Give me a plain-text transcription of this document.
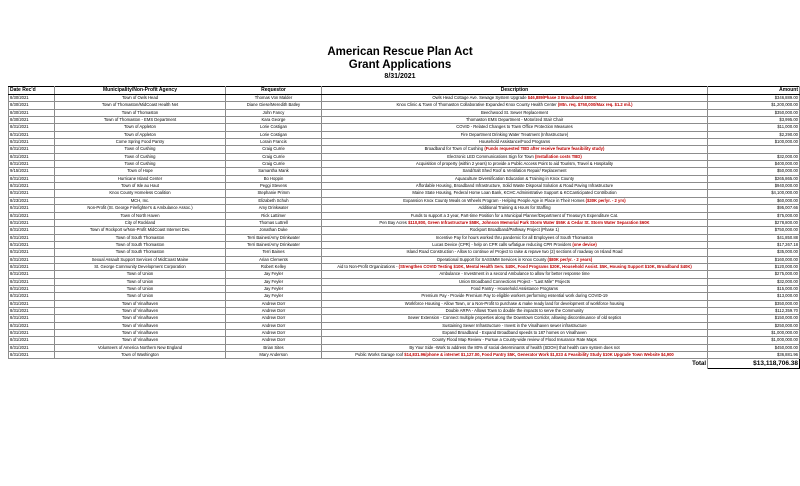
American Rescue Plan Act
Grant Applications
8/31/2021
Date Rec'd	Municipality/Non-Profit Agency	Requestor	Description	Amount
8/30/2021	Town of Owls Head	Thomas Von Malder	Owls Head Cottage Ave. Sewage System Upgrade $46,889/Phase 3 Broadband $800K	$346,889.00
8/30/2021	Town of Thomaston/MidCoast Health Net	Diane Giese/Meredith Batley	Knox Clinic & Town of Thomaston Collaborative Expanded Knox County Health Center (Mtn. req. $750,000/Max req. $1.2 mil.)	$1,200,000.00
8/30/2021	Town of Thomaston	John Fancy	Beechwood St. Sewer Replacement	$350,000.00
8/30/2021	Town of Thomaston - EMS Department	Kara George	Thomaston EMS Department - Motorized Stair Chair	$3,995.00
8/31/2021	Town of Appleton	Lorie Costigan	COVID - Related Changes to Town Office Protection Measures	$11,000.00
8/31/2021	Town of Appleton	Lorie Costigan	Fire Department Drinking Water Treatment (Infrastructure)	$2,290.00
8/31/2021	Come Spring Food Pantry	Lorain Francis	Household Assistance/Food Programs	$100,000.00
8/31/2021	Town of Cushing	Craig Currie	Broadband for Town of Cushing (Funds requested TBD after receive feature feasibility study)	
8/31/2021	Town of Cushing	Craig Currie	Electronic LED Communications Sign for Town (Installation costs TBD)	$32,000.00
8/31/2021	Town of Cushing	Craig Currie	Acquisition of property (within 2 years) to provide a Public Access Point to aid Tourism, Travel & Hospitality	$400,000.00
9/15/2021	Town of Hope	Samantha Mank	Sand/Salt Shed Roof & Ventilation Repair/ Replacement	$50,000.00
8/31/2021	Hurricane Island Center	Bo Hoppin	Aquaculture Diversification Education & Training in Knox County	$265,865.00
8/31/2021	Town of Isle au Haut	Peggi Stevens	Affordable Housing, Broadband Infrastructure, Solid Waste Disposal Solution & Road Paving Infrastructure	$940,000.00
8/31/2021	Knox County Homeless Coalition	Stephanie Primm	Maine State Housing, Federal Home Loan Bank, KCHC Administrative Support & KCCanticipated Contribution	$4,100,000.00
8/23/2021	MCH, Inc.	Elizabeth Schuh	Expansion Knox County Meals on Wheels Program - Helping People Age in Place in Their Homes ($30K per/yr. - 2 yrs)	$60,000.00
8/31/2021	Non-Profit (St. George Firefighter's & Ambulance Assoc.)	Amy Drinkwater	Additional Training & Hours for Staffing	$95,007.66
8/31/2021	Town of North Haven	Rick Lattimer	Funds to support a 3 year, Part-time Position for a Municipal Planner/Department of Treasury's Expenditure Cat.	$75,000.00
8/31/2021	City of Rockland	Thomas Luttrell	Pen Bay Acres $110,800, Green Infrastructure $58K, Johnson Memorial Park Storm Water $55K & Cedar St. Storm Water Separation $60K	$278,800.00
8/31/2021	Town of Rockport w/Non-Profit MidCoast Internet Dev.	Jonathan Duke	Rockport Broadband/Pathway Project (Phase 1)	$750,000.00
8/31/2021	Town of South Thomaston	Terri Baines/Amy Drinkwater	Incentive Pay for hours worked thru pandemic for all Employees of South Thomaston	$41,850.88
8/31/2021	Town of South Thomaston	Terri Baines/Amy Drinkwater	Lucas Device (CPR) - help on CPR calls w/fatigue reducing CPR Providers (one device)	$17,267.18
8/31/2021	Town of South Thomaston	Terri Baines	Island Road Construction - Allow to continue w/ Project to raise & repave two (2) sections of roadway on Island Road	$35,000.00
8/31/2021	Sexual Assault Support Services of MidCoast Maine	Arian Clements	Operational Support for SASSMM Services in Knox County ($80K per/yr. - 2 years)	$160,000.00
8/31/2021	St. George Community Development Corporation	Robert Kelley	Aid to Non-Profit Organizations - (Strengthen COVID Testing $10K, Mental Health Serv. $40K, Food Programs $20K, Household Assist. $5K, Housing Support $10K, Broadband $40K)	$120,000.00
8/31/2021	Town of Union	Jay Feyler	Ambulance - Investment in a second Ambulance to allow for better response time	$275,000.00
8/31/2021	Town of Union	Jay Feyler	Union Broadband Connections Project - "Last Mile" Projects	$32,000.00
8/31/2021	Town of Union	Jay Feyler	Food Pantry - Household Assistance Programs	$15,000.00
8/31/2021	Town of Union	Jay Feyler	Premium Pay - Provide Premium Pay to eligible workers performing essential work during COVID-19	$13,000.00
8/31/2021	Town of Vinalhaven	Andrew Dorr	Workforce Housing - Allow Town, or a Non-Profit to purchase & make ready land for development of workforce housing	$350,000.00
8/31/2021	Town of Vinalhaven	Andrew Dorr	Double ARPA - Allows Town to double the impacts to serve the Community	$112,359.70
8/31/2021	Town of Vinalhaven	Andrew Dorr	Sewer Extension - Connect multiple properties along the Downtown Corridor, allowing discontinuance of old septics	$150,000.00
8/31/2021	Town of Vinalhaven	Andrew Dorr	Sustaining Sewer Infrastructure - Invest in the Vinalhaven sewer infrastructure	$250,000.00
8/31/2021	Town of Vinalhaven	Andrew Dorr	Expand Broadband - Expand Broadband speeds to 187 homes on Vinalhaven	$1,000,000.00
8/31/2021	Town of Vinalhaven	Andrew Dorr	County Flood Map Review - Pursue a County-wide review of Flood Insurance Rate Maps	$1,000,000.00
8/31/2021	Volunteers of America Northern New England	Brian Sites	By Your Side -Work to address the 80% of social determinants of health (SDOH) that health care system does not	$450,000.00
8/31/2021	Town of Washington	Mary Anderson	Public Works Garage roof $14,831.96/phone & internet $1,127.00, Food Pantry $5K, Generator Work $1,023 & Feasibility Study $10K Upgrade Town Website $4,900	$36,881.96
			Total	$13,118,706.38
